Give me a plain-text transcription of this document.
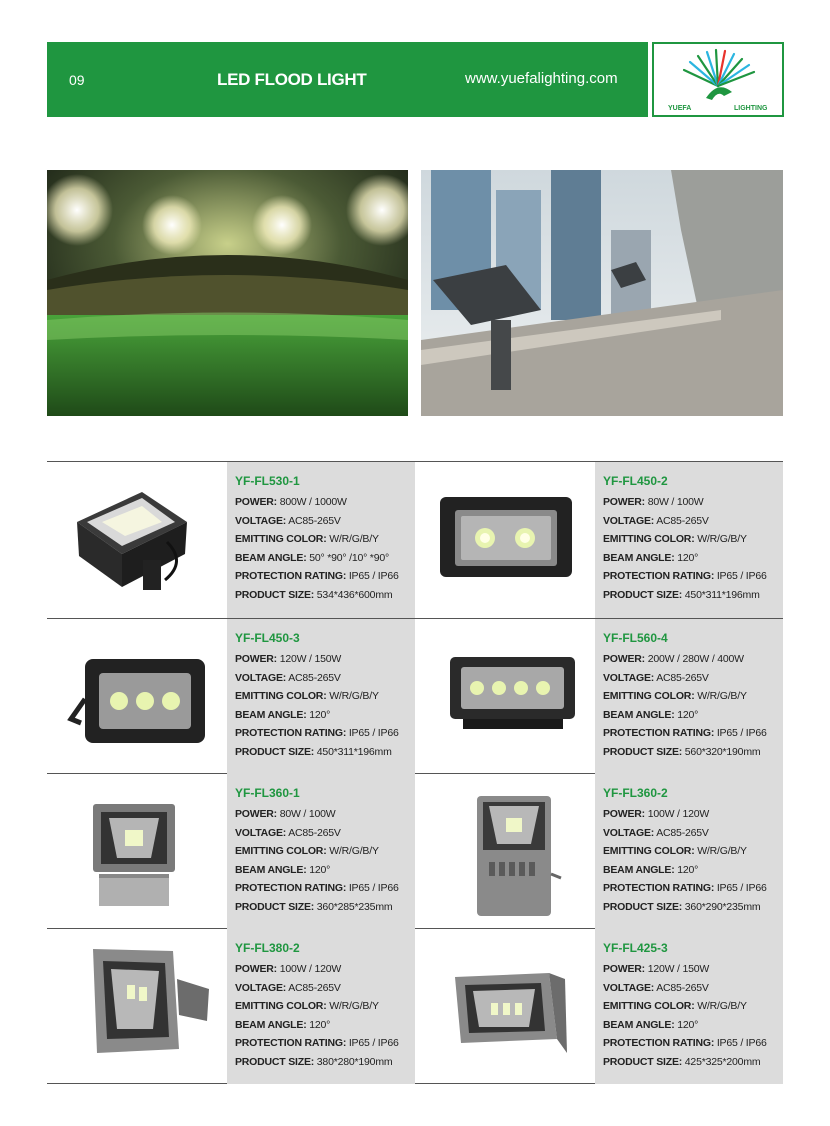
09	LED FLOOD LIGHT	www.yuefalighting.com
YUEFA	LIGHTING
YF-FL530-1
POWER: 800W / 1000W
VOLTAGE: AC85-265V
EMITTING COLOR: W/R/G/B/Y
BEAM ANGLE: 50° *90° /10° *90°
PROTECTION RATING: IP65 / IP66
PRODUCT SIZE: 534*436*600mm
YF-FL450-2
POWER: 80W / 100W
VOLTAGE: AC85-265V
EMITTING COLOR: W/R/G/B/Y
BEAM ANGLE: 120°
PROTECTION RATING: IP65 / IP66
PRODUCT SIZE: 450*311*196mm
YF-FL450-3
POWER: 120W / 150W
VOLTAGE: AC85-265V
EMITTING COLOR: W/R/G/B/Y
BEAM ANGLE: 120°
PROTECTION RATING: IP65 / IP66
PRODUCT SIZE: 450*311*196mm
YF-FL560-4
POWER: 200W / 280W / 400W
VOLTAGE: AC85-265V
EMITTING COLOR: W/R/G/B/Y
BEAM ANGLE: 120°
PROTECTION RATING: IP65 / IP66
PRODUCT SIZE: 560*320*190mm
YF-FL360-1
POWER: 80W / 100W
VOLTAGE: AC85-265V
EMITTING COLOR: W/R/G/B/Y
BEAM ANGLE: 120°
PROTECTION RATING: IP65 / IP66
PRODUCT SIZE: 360*285*235mm
YF-FL360-2
POWER: 100W / 120W
VOLTAGE: AC85-265V
EMITTING COLOR: W/R/G/B/Y
BEAM ANGLE: 120°
PROTECTION RATING: IP65 / IP66
PRODUCT SIZE: 360*290*235mm
YF-FL380-2
POWER: 100W / 120W
VOLTAGE: AC85-265V
EMITTING COLOR: W/R/G/B/Y
BEAM ANGLE: 120°
PROTECTION RATING: IP65 / IP66
PRODUCT SIZE: 380*280*190mm
YF-FL425-3
POWER: 120W / 150W
VOLTAGE: AC85-265V
EMITTING COLOR: W/R/G/B/Y
BEAM ANGLE: 120°
PROTECTION RATING: IP65 / IP66
PRODUCT SIZE: 425*325*200mm
